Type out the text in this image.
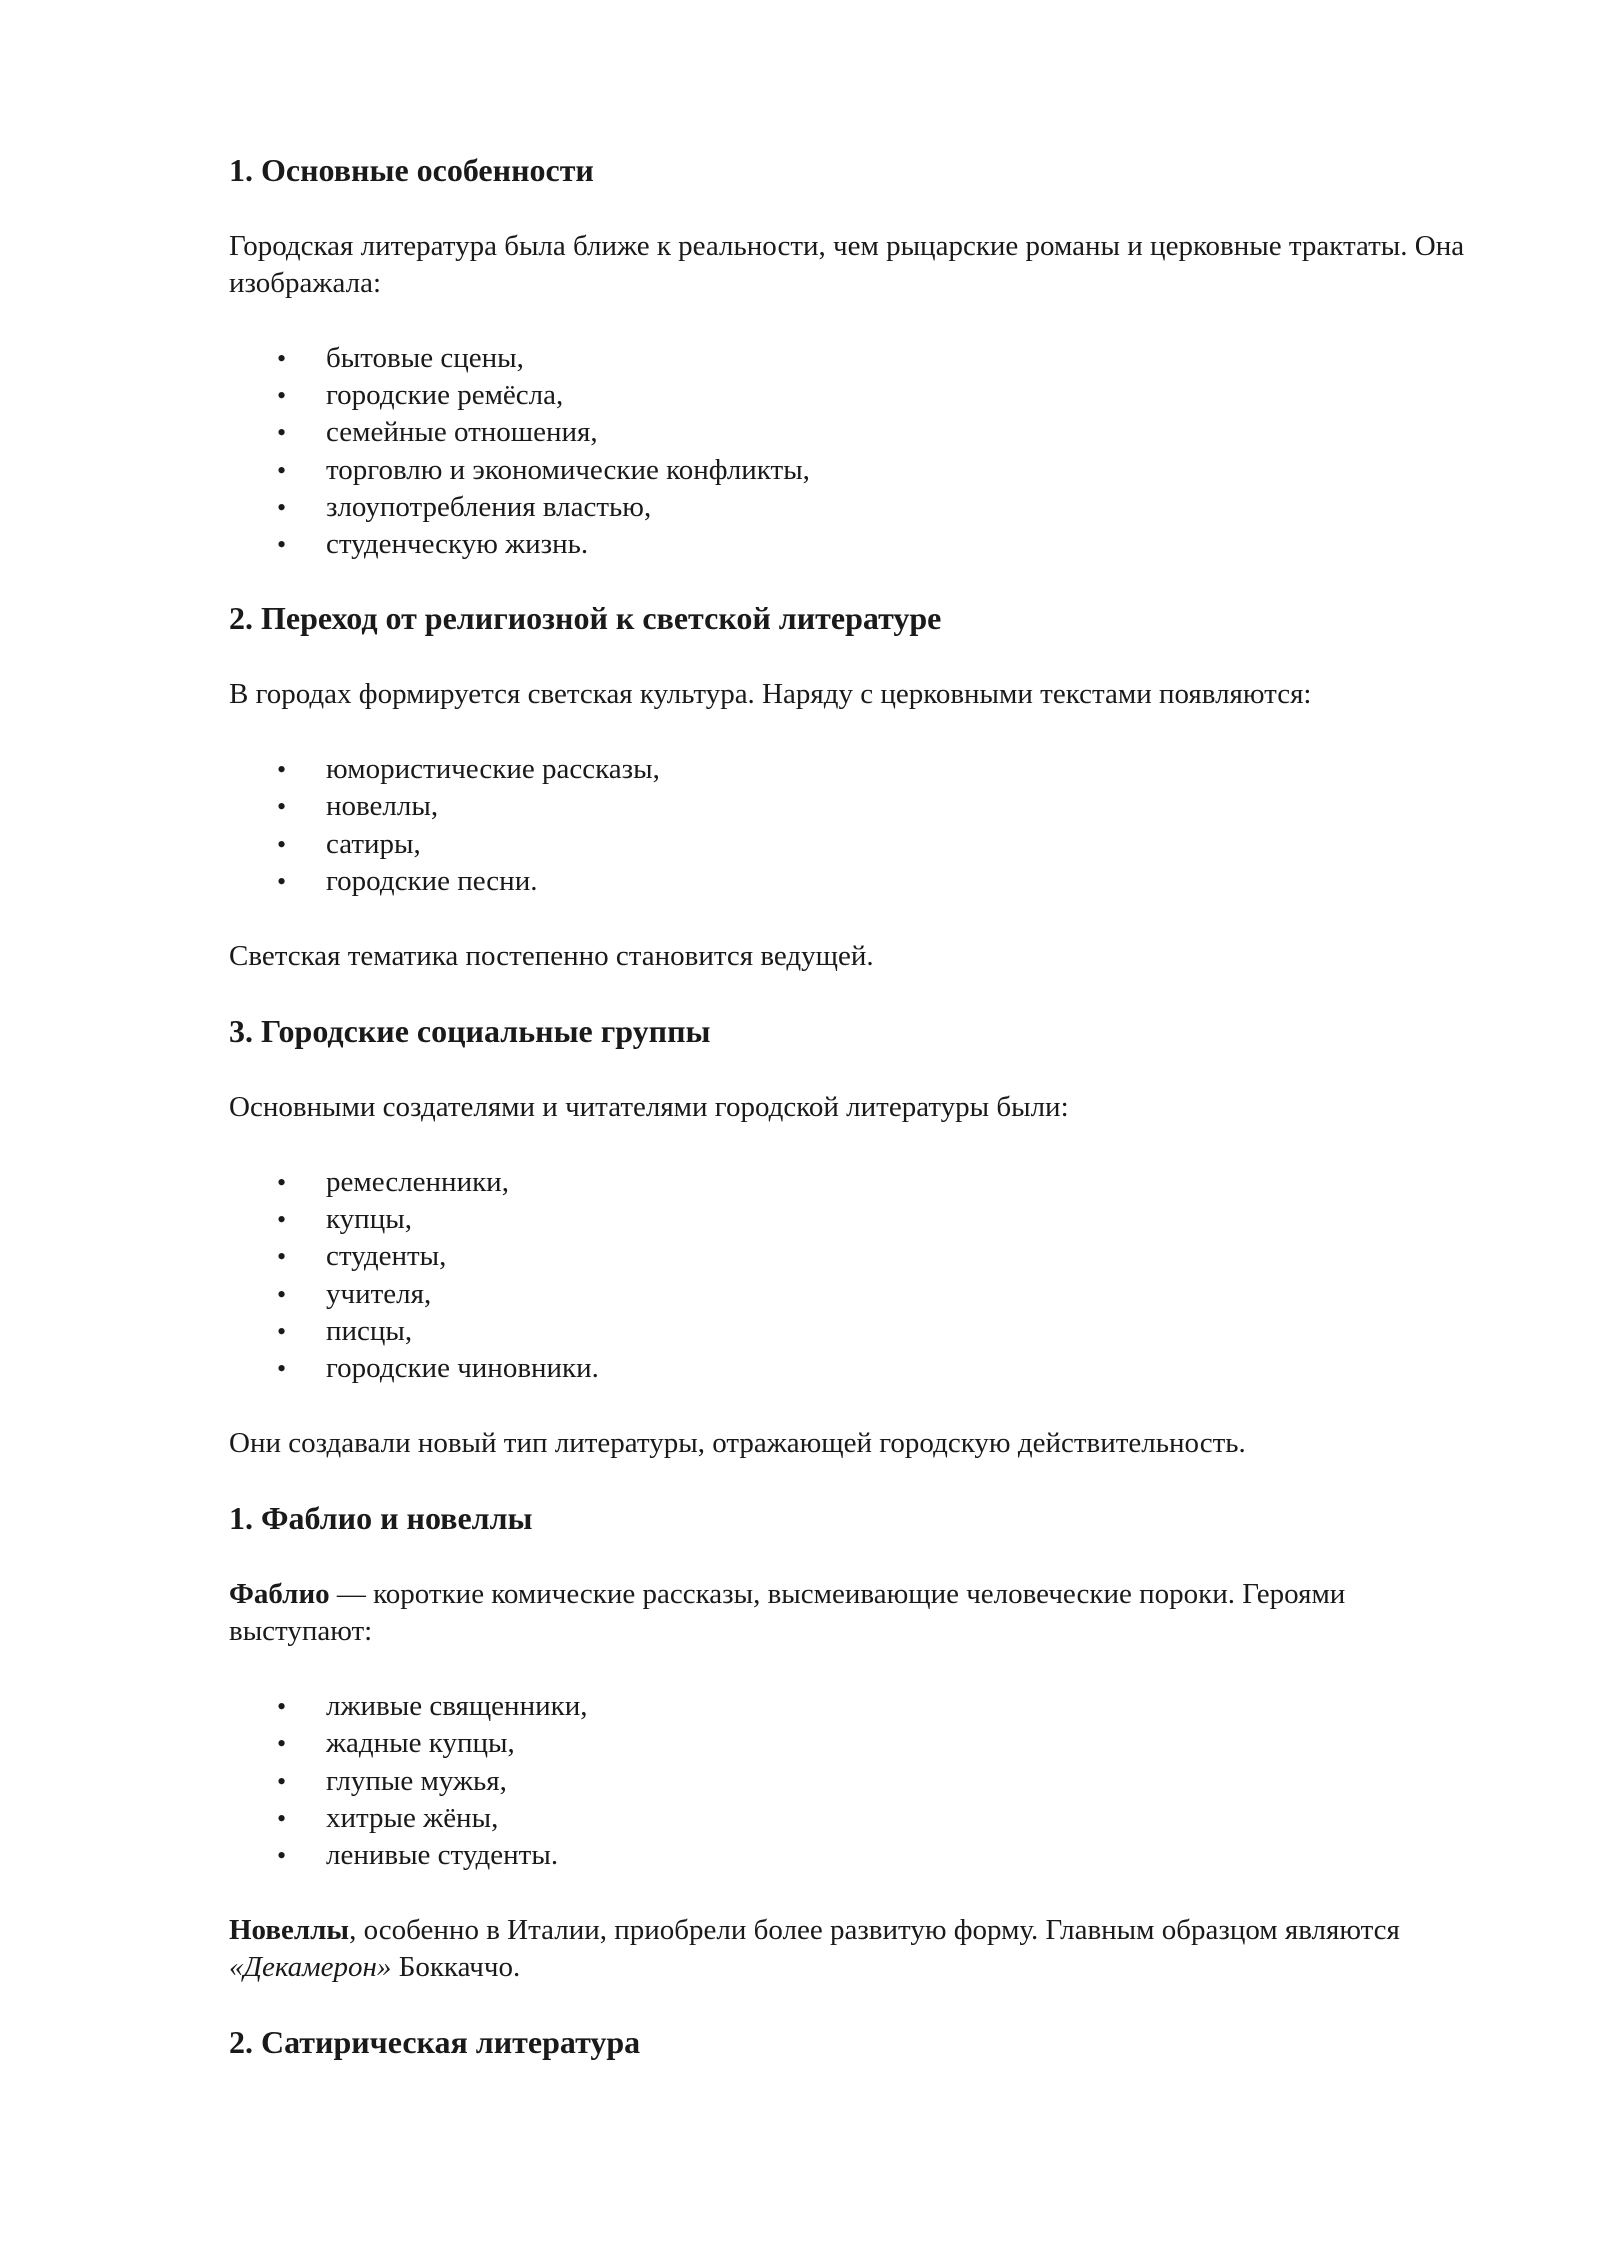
1. Основные особенности

Городская литература была ближе к реальности, чем рыцарские романы и церковные трактаты. Она изображала:

• бытовые сцены,
• городские ремёсла,
• семейные отношения,
• торговлю и экономические конфликты,
• злоупотребления властью,
• студенческую жизнь.
2. Переход от религиозной к светской литературе

В городах формируется светская культура. Наряду с церковными текстами появляются:

• юмористические рассказы,
• новеллы,
• сатиры,
• городские песни.

Светская тематика постепенно становится ведущей.

3. Городские социальные группы

Основными создателями и читателями городской литературы были:

• ремесленники,
• купцы,
• студенты,
• учителя,
• писцы,
• городские чиновники.

Они создавали новый тип литературы, отражающей городскую действительность.

1. Фаблио и новеллы

Фаблио — короткие комические рассказы, высмеивающие человеческие пороки. Героями выступают:

• лживые священники,
• жадные купцы,
• глупые мужья,
• хитрые жёны,
• ленивые студенты.

Новеллы, особенно в Италии, приобрели более развитую форму. Главным образцом являются «Декамерон» Боккаччо.

2. Сатирическая литература
